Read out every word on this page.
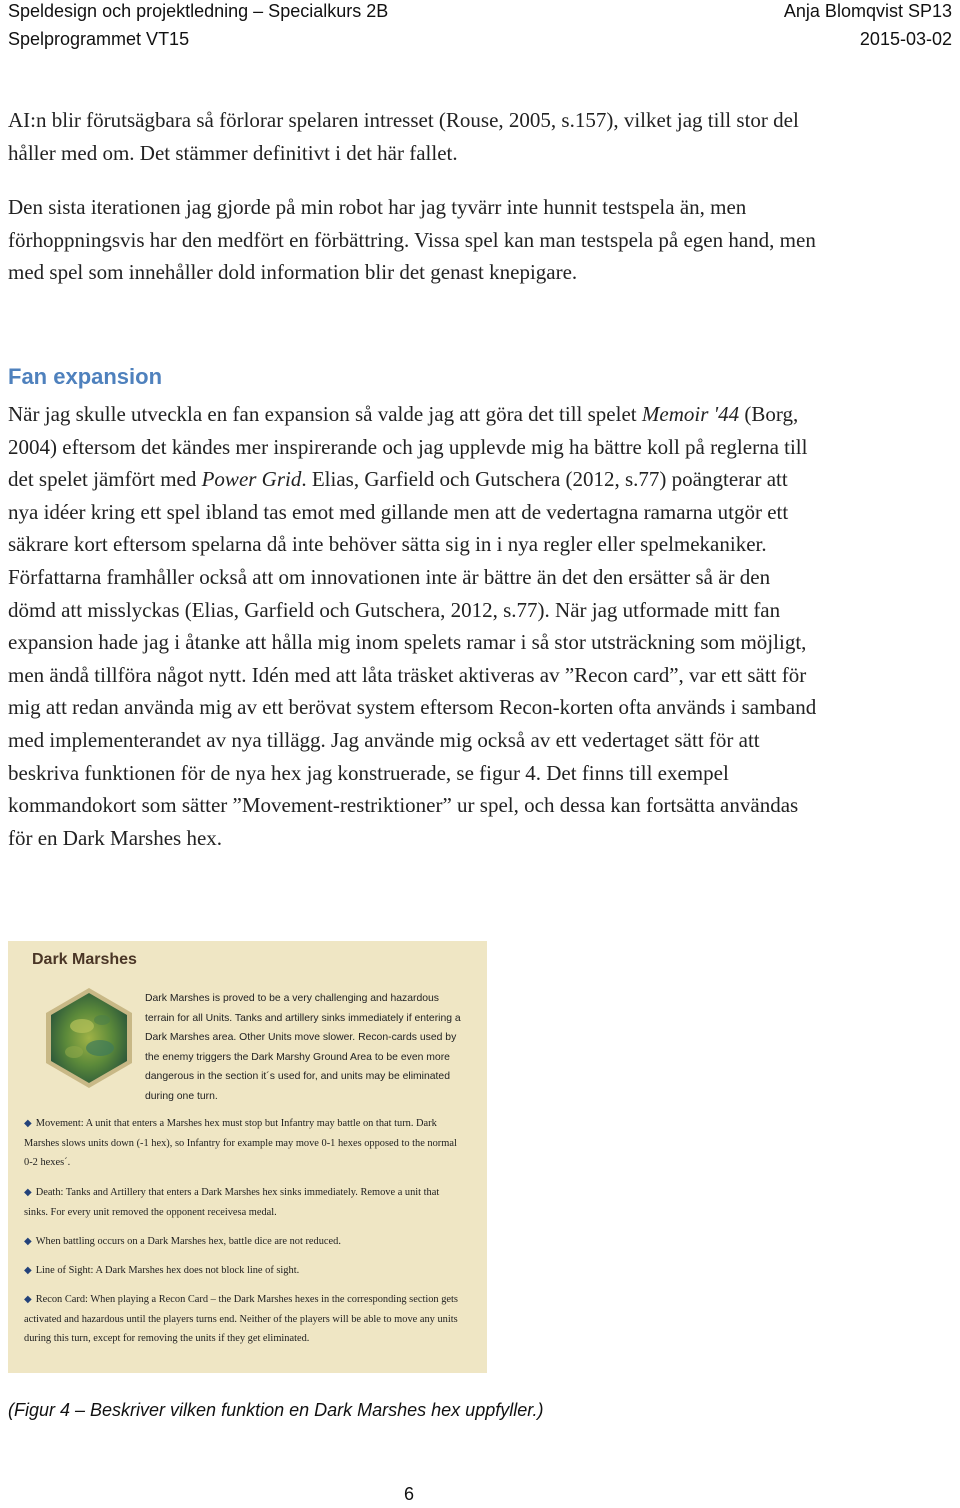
Speldesign och projektledning – Specialkurs 2B	Anja Blomqvist SP13
Spelprogrammet VT15	2015-03-02
AI:n blir förutsägbara så förlorar spelaren intresset (Rouse, 2005, s.157), vilket jag till stor del håller med om. Det stämmer definitivt i det här fallet.
Den sista iterationen jag gjorde på min robot har jag tyvärr inte hunnit testspela än, men förhoppningsvis har den medfört en förbättring. Vissa spel kan man testspela på egen hand, men med spel som innehåller dold information blir det genast knepigare.
Fan expansion
När jag skulle utveckla en fan expansion så valde jag att göra det till spelet Memoir '44 (Borg, 2004) eftersom det kändes mer inspirerande och jag upplevde mig ha bättre koll på reglerna till det spelet jämfört med Power Grid. Elias, Garfield och Gutschera (2012, s.77) poängterar att nya idéer kring ett spel ibland tas emot med gillande men att de vedertagna ramarna utgör ett säkrare kort eftersom spelarna då inte behöver sätta sig in i nya regler eller spelmekaniker. Författarna framhåller också att om innovationen inte är bättre än det den ersätter så är den dömd att misslyckas (Elias, Garfield och Gutschera, 2012, s.77). När jag utformade mitt fan expansion hade jag i åtanke att hålla mig inom spelets ramar i så stor utsträckning som möjligt, men ändå tillföra något nytt. Idén med att låta träsket aktiveras av ”Recon card”, var ett sätt för mig att redan använda mig av ett berövat system eftersom Recon-korten ofta används i samband med implementerandet av nya tillägg. Jag använde mig också av ett vedertaget sätt för att beskriva funktionen för de nya hex jag konstruerade, se figur 4. Det finns till exempel kommandokort som sätter ”Movement-restriktioner” ur spel, och dessa kan fortsätta användas för en Dark Marshes hex.
Dark Marshes
Dark Marshes is proved to be a very challenging and hazardous terrain for all Units. Tanks and artillery sinks immediately if entering a Dark Marshes area. Other Units move slower. Recon-cards used by the enemy triggers the Dark Marshy Ground Area to be even more dangerous in the section it´s used for, and units may be eliminated during one turn.
◆ Movement: A unit that enters a Marshes hex must stop but Infantry may battle on that turn. Dark Marshes slows units down (-1 hex), so Infantry for example may move 0-1 hexes opposed to the normal 0-2 hexes´.
◆ Death: Tanks and Artillery that enters a Dark Marshes hex sinks immediately. Remove a unit that sinks. For every unit removed the opponent receivesa medal.
◆ When battling occurs on a Dark Marshes hex, battle dice are not reduced.
◆ Line of Sight: A Dark Marshes hex does not block line of sight.
◆ Recon Card: When playing a Recon Card – the Dark Marshes hexes in the corresponding section gets activated and hazardous until the players turns end. Neither of the players will be able to move any units during this turn, except for removing the units if they get eliminated.
(Figur 4 – Beskriver vilken funktion en Dark Marshes hex uppfyller.)
6
